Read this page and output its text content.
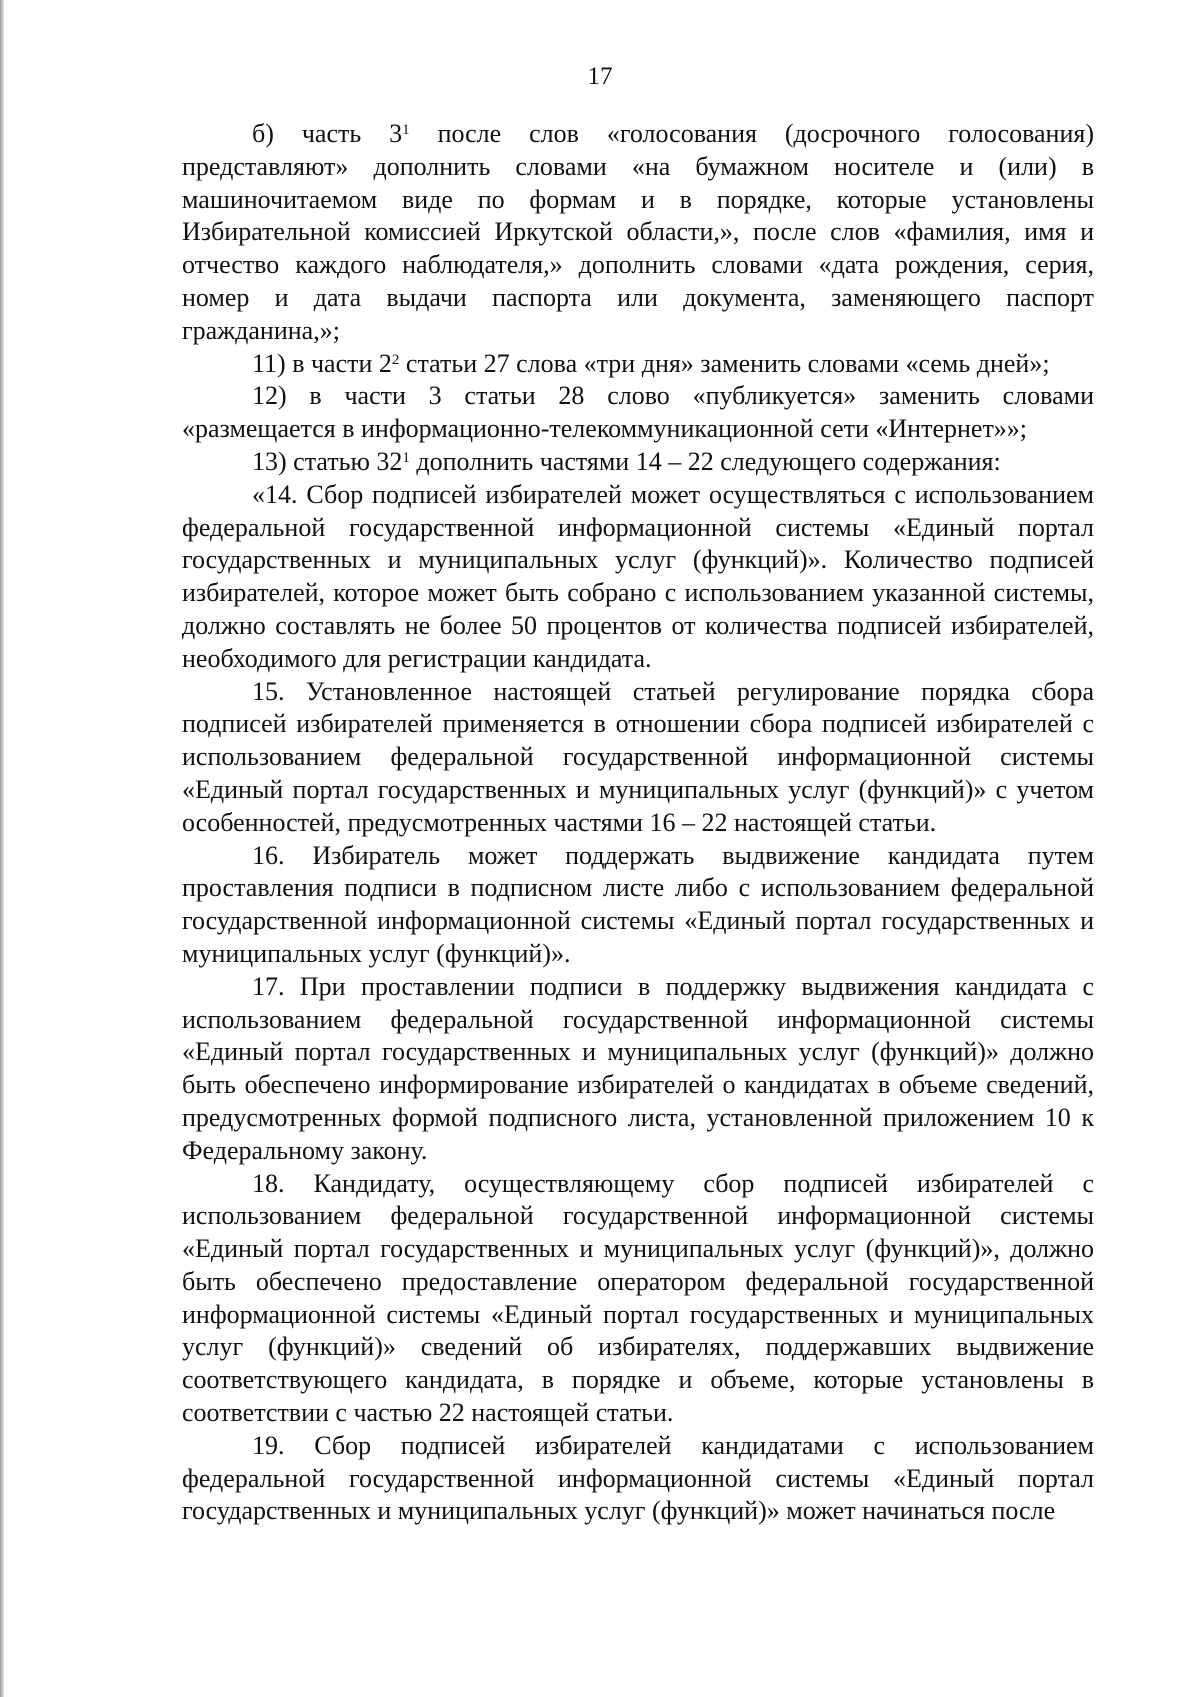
17

б) часть $3^1$ после слов «голосования (досрочного голосования) представляют» дополнить словами «на бумажном носителе и (или) в машиночитаемом виде по формам и в порядке, которые установлены Избирательной комиссией Иркутской области,», после слов «фамилия, имя и отчество каждого наблюдателя,» дополнить словами «дата рождения, серия, номер и дата выдачи паспорта или документа, заменяющего паспорт гражданина,»;

11) в части $2^2$ статьи 27 слова «три дня» заменить словами «семь дней»;

12) в части 3 статьи 28 слово «публикуется» заменить словами «размещается в информационно-телекоммуникационной сети «Интернет»»;

13) статью $32^1$ дополнить частями 14 – 22 следующего содержания:

«14. Сбор подписей избирателей может осуществляться с использованием федеральной государственной информационной системы «Единый портал государственных и муниципальных услуг (функций)». Количество подписей избирателей, которое может быть собрано с использованием указанной системы, должно составлять не более 50 процентов от количества подписей избирателей, необходимого для регистрации кандидата.

15. Установленное настоящей статьей регулирование порядка сбора подписей избирателей применяется в отношении сбора подписей избирателей с использованием федеральной государственной информационной системы «Единый портал государственных и муниципальных услуг (функций)» с учетом особенностей, предусмотренных частями 16 – 22 настоящей статьи.

16. Избиратель может поддержать выдвижение кандидата путем проставления подписи в подписном листе либо с использованием федеральной государственной информационной системы «Единый портал государственных и муниципальных услуг (функций)».

17. При проставлении подписи в поддержку выдвижения кандидата с использованием федеральной государственной информационной системы «Единый портал государственных и муниципальных услуг (функций)» должно быть обеспечено информирование избирателей о кандидатах в объеме сведений, предусмотренных формой подписного листа, установленной приложением 10 к Федеральному закону.

18. Кандидату, осуществляющему сбор подписей избирателей с использованием федеральной государственной информационной системы «Единый портал государственных и муниципальных услуг (функций)», должно быть обеспечено предоставление оператором федеральной государственной информационной системы «Единый портал государственных и муниципальных услуг (функций)» сведений об избирателях, поддержавших выдвижение соответствующего кандидата, в порядке и объеме, которые установлены в соответствии с частью 22 настоящей статьи.

19. Сбор подписей избирателей кандидатами с использованием федеральной государственной информационной системы «Единый портал государственных и муниципальных услуг (функций)» может начинаться после
